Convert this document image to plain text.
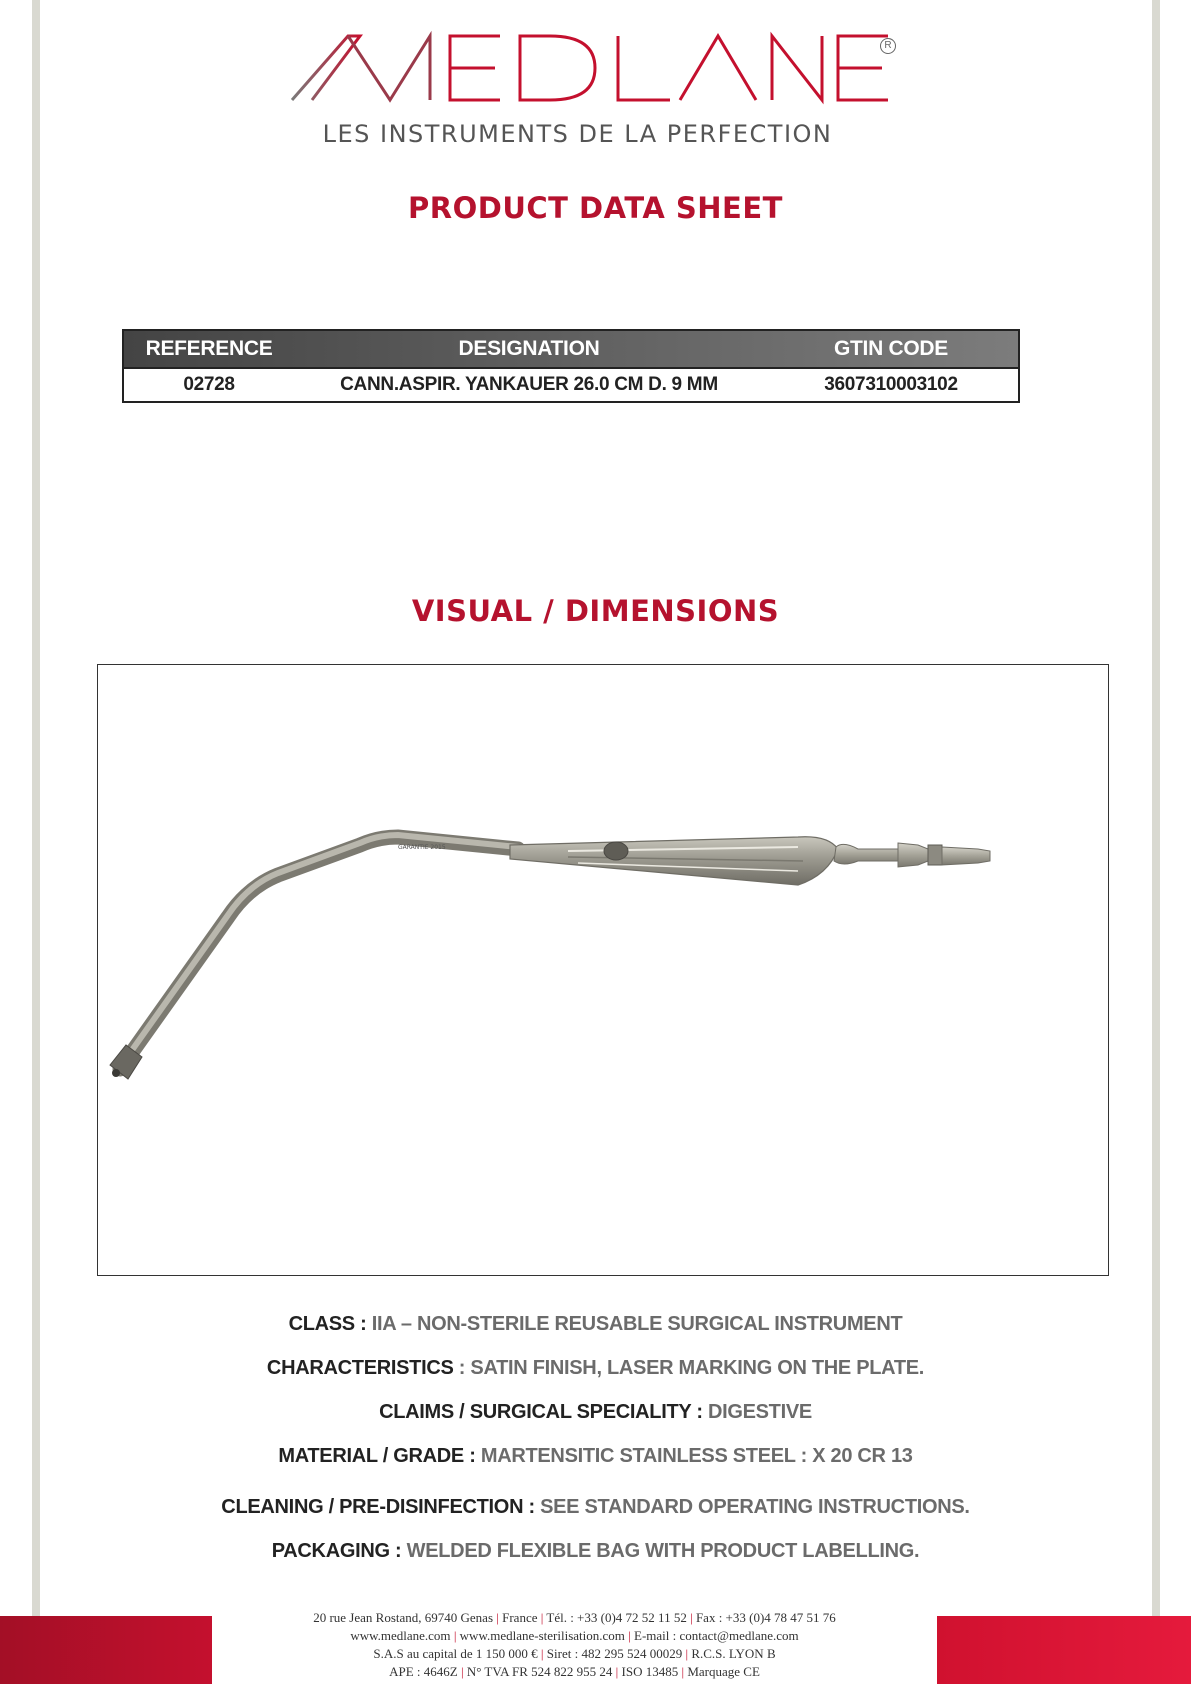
R
LES INSTRUMENTS DE LA PERFECTION
PRODUCT DATA SHEET
REFERENCE	DESIGNATION	GTIN CODE
02728	CANN.ASPIR. YANKAUER 26.0 CM D. 9 MM	3607310003102
VISUAL / DIMENSIONS
GARANTIE 2015
CLASS : IIA – NON-STERILE REUSABLE SURGICAL INSTRUMENT
CHARACTERISTICS : SATIN FINISH, LASER MARKING ON THE PLATE.
CLAIMS / SURGICAL SPECIALITY : DIGESTIVE
MATERIAL / GRADE : MARTENSITIC STAINLESS STEEL : X 20 CR 13
CLEANING / PRE-DISINFECTION : SEE STANDARD OPERATING INSTRUCTIONS.
PACKAGING : WELDED FLEXIBLE BAG WITH PRODUCT LABELLING.
20 rue Jean Rostand, 69740 Genas | France | Tél. : +33 (0)4 72 52 11 52 | Fax : +33 (0)4 78 47 51 76
www.medlane.com | www.medlane-sterilisation.com | E-mail : contact@medlane.com
S.A.S au capital de 1 150 000 € | Siret : 482 295 524 00029 | R.C.S. LYON B
APE : 4646Z | N° TVA FR 524 822 955 24 | ISO 13485 | Marquage CE
